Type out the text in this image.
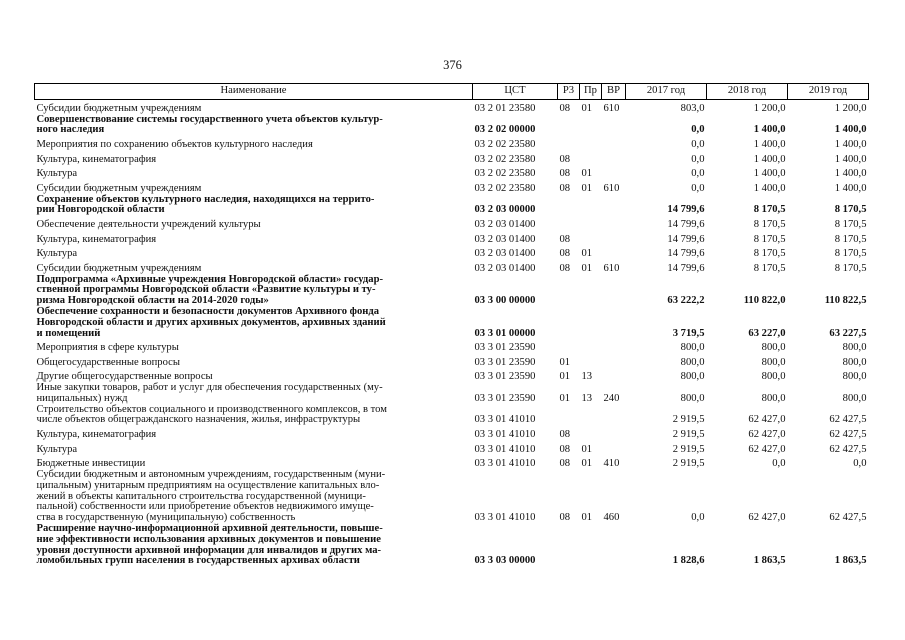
376
Наименование	ЦСТ	Р3	Пр	ВР	2017 год	2018 год	2019 год

Субсидии бюджетным учреждениям	03 2 01 23580	08	01	610	803,0	1 200,0	1 200,0

Совершенствование системы государственного учета объектов культур-
ного наследия	03 2 02 00000				0,0	1 400,0	1 400,0

Мероприятия по сохранению объектов культурного наследия	03 2 02 23580				0,0	1 400,0	1 400,0

Культура, кинематография	03 2 02 23580	08			0,0	1 400,0	1 400,0

Культура	03 2 02 23580	08	01		0,0	1 400,0	1 400,0

Субсидии бюджетным учреждениям	03 2 02 23580	08	01	610	0,0	1 400,0	1 400,0

Сохранение объектов культурного наследия, находящихся на террито-
рии Новгородской области	03 2 03 00000				14 799,6	8 170,5	8 170,5

Обеспечение деятельности учреждений культуры	03 2 03 01400				14 799,6	8 170,5	8 170,5

Культура, кинематография	03 2 03 01400	08			14 799,6	8 170,5	8 170,5

Культура	03 2 03 01400	08	01		14 799,6	8 170,5	8 170,5

Субсидии бюджетным учреждениям	03 2 03 01400	08	01	610	14 799,6	8 170,5	8 170,5

Подпрограмма «Архивные учреждения Новгородской области» государ-
ственной программы Новгородской области «Развитие культуры и ту-
ризма Новгородской области на 2014-2020 годы»	03 3 00 00000				63 222,2	110 822,0	110 822,5

Обеспечение сохранности и безопасности документов Архивного фонда
Новгородской области и других архивных документов, архивных зданий
и помещений	03 3 01 00000				3 719,5	63 227,0	63 227,5

Мероприятия в сфере культуры	03 3 01 23590				800,0	800,0	800,0

Общегосударственные вопросы	03 3 01 23590	01			800,0	800,0	800,0

Другие общегосударственные вопросы	03 3 01 23590	01	13		800,0	800,0	800,0

Иные закупки товаров, работ и услуг для обеспечения государственных (му-
ниципальных) нужд	03 3 01 23590	01	13	240	800,0	800,0	800,0

Строительство объектов социального и производственного комплексов, в том
числе объектов общегражданского назначения, жилья, инфраструктуры	03 3 01 41010				2 919,5	62 427,0	62 427,5

Культура, кинематография	03 3 01 41010	08			2 919,5	62 427,0	62 427,5

Культура	03 3 01 41010	08	01		2 919,5	62 427,0	62 427,5

Бюджетные инвестиции	03 3 01 41010	08	01	410	2 919,5	0,0	0,0

Субсидии бюджетным и автономным учреждениям, государственным (муни-
ципальным) унитарным предприятиям на осуществление капитальных вло-
жений в объекты капитального строительства государственной (муници-
пальной) собственности или приобретение объектов недвижимого имуще-
ства в государственную (муниципальную) собственность	03 3 01 41010	08	01	460	0,0	62 427,0	62 427,5

Расширение научно-информационной архивной деятельности, повыше-
ние эффективности использования архивных документов и повышение
уровня доступности архивной информации для инвалидов и других ма-
ломобильных групп населения в государственных архивах области	03 3 03 00000				1 828,6	1 863,5	1 863,5
